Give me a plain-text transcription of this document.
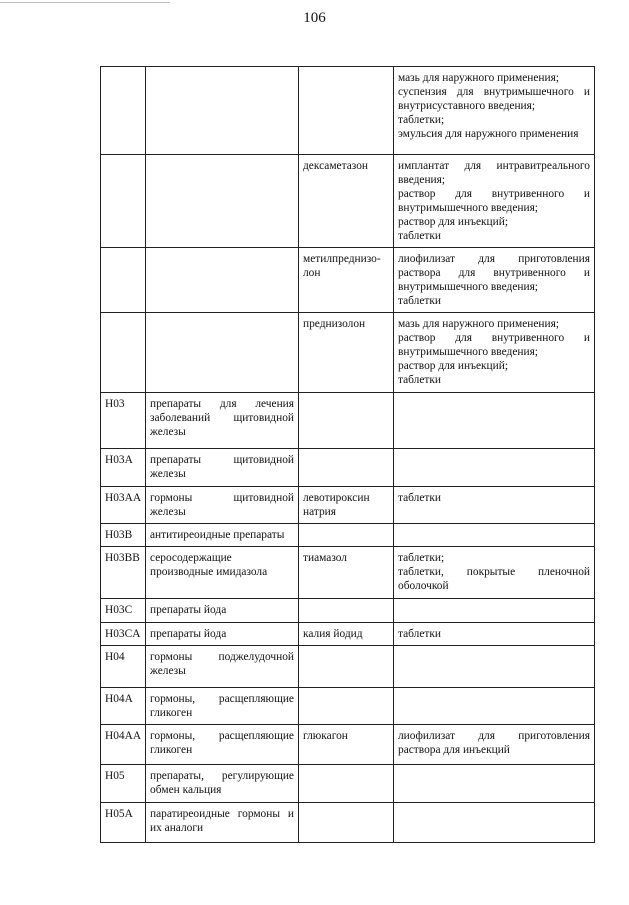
106

			мазь для наружного применения;
суспензия для внутримышечного и внутрисуставного введения;
таблетки;
эмульсия для наружного применения

		дексаметазон	имплантат для интравитреального введения;
раствор для внутривенного и внутримышечного введения;
раствор для инъекций;
таблетки

		метилпреднизо-лон	лиофилизат для приготовления раствора для внутривенного и внутримышечного введения;
таблетки

		преднизолон	мазь для наружного применения;
раствор для внутривенного и внутримышечного введения;
раствор для инъекций;
таблетки

H03	препараты для лечения заболеваний щитовидной железы		
H03A	препараты щитовидной железы		
H03AA	гормоны щитовидной железы	левотироксин натрия	таблетки

H03B	антитиреоидные препараты		
H03BB	серосодержащие производные имидазола	тиамазол	таблетки;
таблетки, покрытые пленочной оболочкой

H03C	препараты йода		
H03CA	препараты йода	калия йодид	таблетки

H04	гормоны поджелудочной железы		
H04A	гормоны, расщепляющие гликоген		
H04AA	гормоны, расщепляющие гликоген	глюкагон	лиофилизат для приготовления раствора для инъекций

H05	препараты, регулирующие обмен кальция		
H05A	паратиреоидные гормоны и их аналоги		
